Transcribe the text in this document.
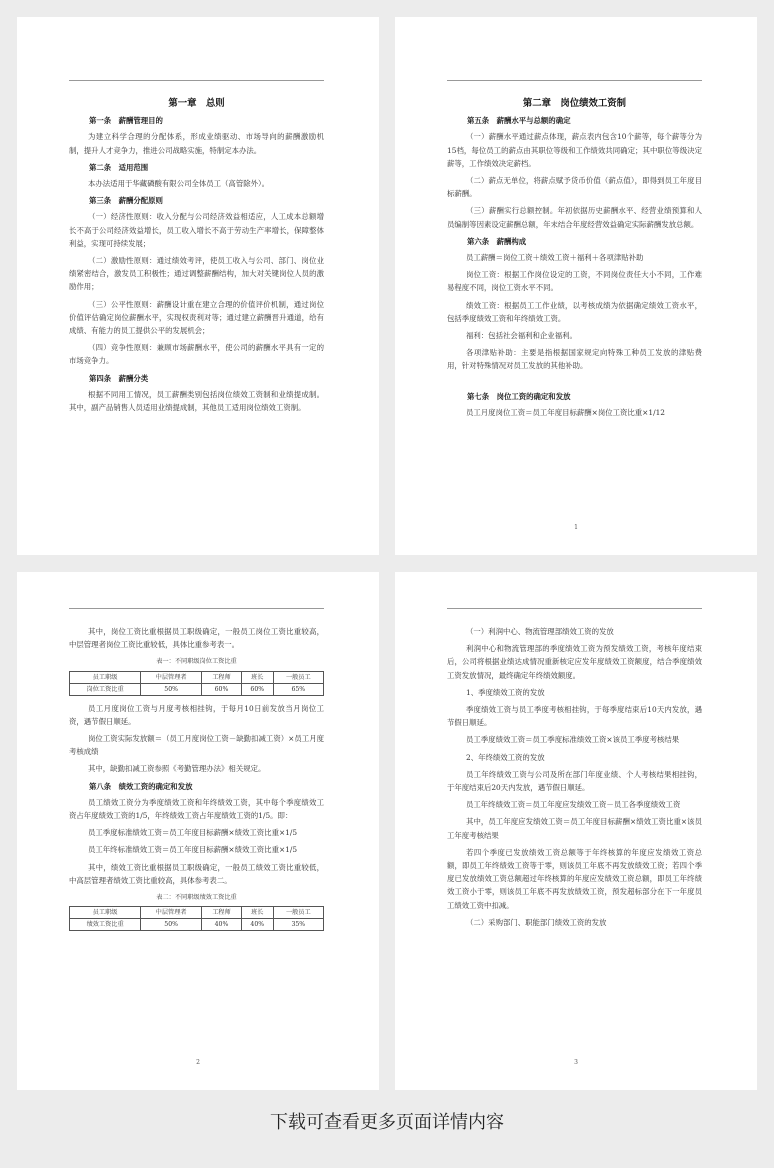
第一章　总则
第一条　薪酬管理目的
为建立科学合理的分配体系，形成业绩驱动、市场导向的薪酬激励机制，提升人才竞争力，推进公司战略实施，特制定本办法。
第二条　适用范围
本办法适用于华藏磷酸有限公司全体员工（高管除外）。
第三条　薪酬分配原则
（一）经济性原则：收入分配与公司经济效益相适应，人工成本总额增长不高于公司经济效益增长，员工收入增长不高于劳动生产率增长，保障整体利益，实现可持续发展；
（二）激励性原则：通过绩效考评，使员工收入与公司、部门、岗位业绩紧密结合，激发员工积极性；通过调整薪酬结构，加大对关键岗位人员的激励作用；
（三）公平性原则：薪酬设计重在建立合理的价值评价机制，通过岗位价值评估确定岗位薪酬水平，实现权责利对等；通过建立薪酬晋升通道，给有成绩、有能力的员工提供公平的发展机会；
（四）竞争性原则：兼顾市场薪酬水平，使公司的薪酬水平具有一定的市场竞争力。
第四条　薪酬分类
根据不同用工情况，员工薪酬类别包括岗位绩效工资制和业绩提成制。其中，副产品销售人员适用业绩提成制，其他员工适用岗位绩效工资制。
第二章　岗位绩效工资制
第五条　薪酬水平与总额的确定
（一）薪酬水平通过薪点体现，薪点表内包含10个薪等，每个薪等分为15档，每位员工的薪点由其职位等级和工作绩效共同确定；其中职位等级决定薪等，工作绩效决定薪档。
（二）薪点无单位，将薪点赋予货币价值（薪点值），即得到员工年度目标薪酬。
（三）薪酬实行总额控制。年初依据历史薪酬水平、经营业绩预算和人员编制等因素设定薪酬总额，年末结合年度经营效益确定实际薪酬发放总额。
第六条　薪酬构成
员工薪酬＝岗位工资＋绩效工资＋福利＋各项津贴补助
岗位工资：根据工作岗位设定的工资，不同岗位责任大小不同，工作难易程度不同，岗位工资水平不同。
绩效工资：根据员工工作业绩，以考核成绩为依据确定绩效工资水平，包括季度绩效工资和年终绩效工资。
福利：包括社会福利和企业福利。
各项津贴补助：主要是指根据国家规定向特殊工种员工发放的津贴费用，针对特殊情况对员工发放的其他补助。
第七条　岗位工资的确定和发放
员工月度岗位工资＝员工年度目标薪酬×岗位工资比重×1/12
1
其中，岗位工资比重根据员工职级确定，一般员工岗位工资比重较高，中层管理者岗位工资比重较低，具体比重参考表一。
表一：不同职级岗位工资比重
员工职级	中层管理者	工程师	班长	一般员工
岗位工资比重	50%	60%	60%	65%
员工月度岗位工资与月度考核相挂钩，于每月10日前发放当月岗位工资，遇节假日顺延。
岗位工资实际发放额＝（员工月度岗位工资－缺勤扣减工资）×员工月度考核成绩
其中，缺勤扣减工资参照《考勤管理办法》相关规定。
第八条　绩效工资的确定和发放
员工绩效工资分为季度绩效工资和年终绩效工资，其中每个季度绩效工资占年度绩效工资的1/5，年终绩效工资占年度绩效工资的1/5。即：
员工季度标准绩效工资＝员工年度目标薪酬×绩效工资比重×1/5
员工年终标准绩效工资＝员工年度目标薪酬×绩效工资比重×1/5
其中，绩效工资比重根据员工职级确定，一般员工绩效工资比重较低，中高层管理者绩效工资比重较高，具体参考表二。
表二：不同职级绩效工资比重
员工职级	中层管理者	工程师	班长	一般员工
绩效工资比重	50%	40%	40%	35%
2
（一）利润中心、物流管理部绩效工资的发放
利润中心和物流管理部的季度绩效工资为预发绩效工资，考核年度结束后，公司将根据业绩达成情况重新核定应发年度绩效工资额度，结合季度绩效工资发放情况，最终确定年终绩效额度。
1、季度绩效工资的发放
季度绩效工资与员工季度考核相挂钩，于每季度结束后10天内发放，遇节假日顺延。
员工季度绩效工资＝员工季度标准绩效工资×该员工季度考核结果
2、年终绩效工资的发放
员工年终绩效工资与公司及所在部门年度业绩、个人考核结果相挂钩，于年度结束后20天内发放，遇节假日顺延。
员工年终绩效工资＝员工年度应发绩效工资－员工各季度绩效工资
其中，员工年度应发绩效工资＝员工年度目标薪酬×绩效工资比重×该员工年度考核结果
若四个季度已发放绩效工资总额等于年终核算的年度应发绩效工资总额，即员工年终绩效工资等于零，则该员工年底不再发放绩效工资；若四个季度已发放绩效工资总额超过年终核算的年度应发绩效工资总额，即员工年终绩效工资小于零，则该员工年底不再发放绩效工资，预发超标部分在下一年度员工绩效工资中扣减。
（二）采购部门、职能部门绩效工资的发放
3
下载可查看更多页面详情内容
